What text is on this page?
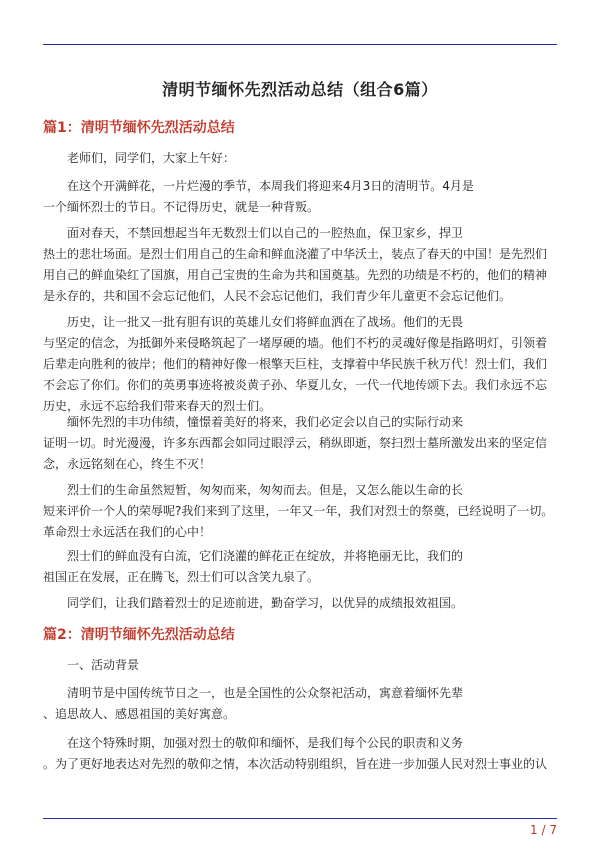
清明节缅怀先烈活动总结（组合6篇）
篇1：清明节缅怀先烈活动总结
老师们，同学们，大家上午好：
在这个开满鲜花，一片烂漫的季节，本周我们将迎来4月3日的清明节。4月是
一个缅怀烈士的节日。不记得历史，就是一种背叛。
面对春天，不禁回想起当年无数烈士们以自己的一腔热血，保卫家乡，捍卫
热土的悲壮场面。是烈士们用自己的生命和鲜血浇灌了中华沃土，装点了春天的中国！是先烈们
用自己的鲜血染红了国旗，用自己宝贵的生命为共和国奠基。先烈的功绩是不朽的，他们的精神
是永存的，共和国不会忘记他们，人民不会忘记他们，我们青少年儿童更不会忘记他们。
历史，让一批又一批有胆有识的英雄儿女们将鲜血洒在了战场。他们的无畏
与坚定的信念，为抵御外来侵略筑起了一堵厚硬的墙。他们不朽的灵魂好像是指路明灯，引领着
后辈走向胜利的彼岸；他们的精神好像一根擎天巨柱，支撑着中华民族千秋万代！烈士们，我们
不会忘了你们。你们的英勇事迹将被炎黄子孙、华夏儿女，一代一代地传颂下去。我们永远不忘
历史，永远不忘给我们带来春天的烈士们。
缅怀先烈的丰功伟绩，憧憬着美好的将来，我们必定会以自己的实际行动来
证明一切。时光漫漫，许多东西都会如同过眼浮云，稍纵即逝，祭扫烈士墓所激发出来的坚定信
念，永远铭刻在心，终生不灭！
烈士们的生命虽然短暂，匆匆而来，匆匆而去。但是，又怎么能以生命的长
短来评价一个人的荣辱呢?我们来到了这里，一年又一年，我们对烈士的祭奠，已经说明了一切。
革命烈士永远活在我们的心中！
烈士们的鲜血没有白流，它们浇灌的鲜花正在绽放，并将艳丽无比，我们的
祖国正在发展，正在腾飞，烈士们可以含笑九泉了。
同学们，让我们踏着烈士的足迹前进，勤奋学习，以优异的成绩报效祖国。
篇2：清明节缅怀先烈活动总结
一、活动背景
清明节是中国传统节日之一，也是全国性的公众祭祀活动，寓意着缅怀先辈
、追思故人、感恩祖国的美好寓意。
在这个特殊时期，加强对烈士的敬仰和缅怀，是我们每个公民的职责和义务
。为了更好地表达对先烈的敬仰之情，本次活动特别组织，旨在进一步加强人民对烈士事业的认
1 / 7
